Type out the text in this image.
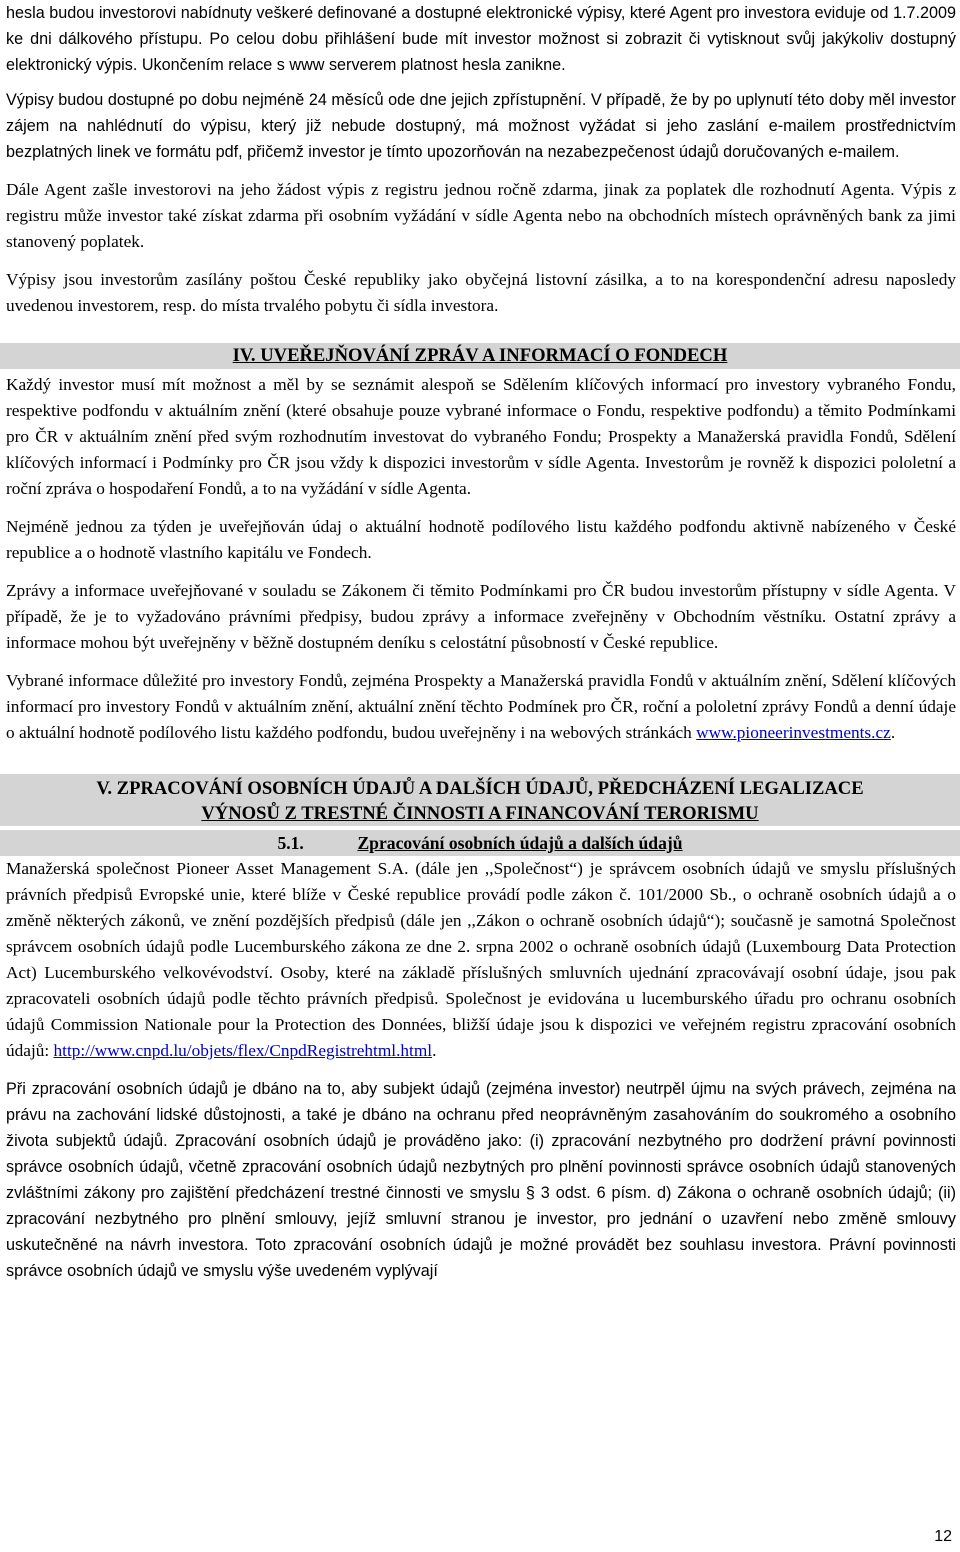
hesla budou investorovi nabídnuty veškeré definované a dostupné elektronické výpisy, které Agent pro investora eviduje od 1.7.2009 ke dni dálkového přístupu. Po celou dobu přihlášení bude mít investor možnost si zobrazit či vytisknout svůj jakýkoliv dostupný elektronický výpis. Ukončením relace s www serverem platnost hesla zanikne.

Výpisy budou dostupné po dobu nejméně 24 měsíců ode dne jejich zpřístupnění. V případě, že by po uplynutí této doby měl investor zájem na nahlédnutí do výpisu, který již nebude dostupný, má možnost vyžádat si jeho zaslání e-mailem prostřednictvím bezplatných linek ve formátu pdf, přičemž investor je tímto upozorňován na nezabezpečenost údajů doručovaných e-mailem.

Dále Agent zašle investorovi na jeho žádost výpis z registru jednou ročně zdarma, jinak za poplatek dle rozhodnutí Agenta. Výpis z registru může investor také získat zdarma při osobním vyžádání v sídle Agenta nebo na obchodních místech oprávněných bank za jimi stanovený poplatek.

Výpisy jsou investorům zasílány poštou České republiky jako obyčejná listovní zásilka, a to na korespondenční adresu naposledy uvedenou investorem, resp. do místa trvalého pobytu či sídla investora.

IV. UVEŘEJŇOVÁNÍ ZPRÁV A INFORMACÍ O FONDECH

Každý investor musí mít možnost a měl by se seznámit alespoň se Sdělením klíčových informací pro investory vybraného Fondu, respektive podfondu v aktuálním znění (které obsahuje pouze vybrané informace o Fondu, respektive podfondu) a těmito Podmínkami pro ČR v aktuálním znění před svým rozhodnutím investovat do vybraného Fondu; Prospekty a Manažerská pravidla Fondů, Sdělení klíčových informací i Podmínky pro ČR jsou vždy k dispozici investorům v sídle Agenta. Investorům je rovněž k dispozici pololetní a roční zpráva o hospodaření Fondů, a to na vyžádání v sídle Agenta.

Nejméně jednou za týden je uveřejňován údaj o aktuální hodnotě podílového listu každého podfondu aktivně nabízeného v České republice a o hodnotě vlastního kapitálu ve Fondech.

Zprávy a informace uveřejňované v souladu se Zákonem či těmito Podmínkami pro ČR budou investorům přístupny v sídle Agenta. V případě, že je to vyžadováno právními předpisy, budou zprávy a informace zveřejněny v Obchodním věstníku. Ostatní zprávy a informace mohou být uveřejněny v běžně dostupném deníku s celostátní působností v České republice.

Vybrané informace důležité pro investory Fondů, zejména Prospekty a Manažerská pravidla Fondů v aktuálním znění, Sdělení klíčových informací pro investory Fondů v aktuálním znění, aktuální znění těchto Podmínek pro ČR, roční a pololetní zprávy Fondů a denní údaje o aktuální hodnotě podílového listu každého podfondu, budou uveřejněny i na webových stránkách www.pioneerinvestments.cz.

V. ZPRACOVÁNÍ OSOBNÍCH ÚDAJŮ A DALŠÍCH ÚDAJŮ, PŘEDCHÁZENÍ LEGALIZACE
VÝNOSŮ Z TRESTNÉ ČINNOSTI A FINANCOVÁNÍ TERORISMU
5.1.	Zpracování osobních údajů a dalších údajů

Manažerská společnost Pioneer Asset Management S.A. (dále jen ,,Společnost“) je správcem osobních údajů ve smyslu příslušných právních předpisů Evropské unie, které blíže v České republice provádí podle zákon č. 101/2000 Sb., o ochraně osobních údajů a o změně některých zákonů, ve znění pozdějších předpisů (dále jen ,,Zákon o ochraně osobních údajů“); současně je samotná Společnost správcem osobních údajů podle Lucemburského zákona ze dne 2. srpna 2002 o ochraně osobních údajů (Luxembourg Data Protection Act) Lucemburského velkovévodství. Osoby, které na základě příslušných smluvních ujednání zpracovávají osobní údaje, jsou pak zpracovateli osobních údajů podle těchto právních předpisů. Společnost je evidována u lucemburského úřadu pro ochranu osobních údajů Commission Nationale pour la Protection des Données, bližší údaje jsou k dispozici ve veřejném registru zpracování osobních údajů: http://www.cnpd.lu/objets/flex/CnpdRegistrehtml.html.

Při zpracování osobních údajů je dbáno na to, aby subjekt údajů (zejména investor) neutrpěl újmu na svých právech, zejména na právu na zachování lidské důstojnosti, a také je dbáno na ochranu před neoprávněným zasahováním do soukromého a osobního života subjektů údajů. Zpracování osobních údajů je prováděno jako: (i) zpracování nezbytného pro dodržení právní povinnosti správce osobních údajů, včetně zpracování osobních údajů nezbytných pro plnění povinnosti správce osobních údajů stanovených zvláštními zákony pro zajištění předcházení trestné činnosti ve smyslu § 3 odst. 6 písm. d) Zákona o ochraně osobních údajů; (ii) zpracování nezbytného pro plnění smlouvy, jejíž smluvní stranou je investor, pro jednání o uzavření nebo změně smlouvy uskutečněné na návrh investora. Toto zpracování osobních údajů je možné provádět bez souhlasu investora. Právní povinnosti správce osobních údajů ve smyslu výše uvedeném vyplývají

12
